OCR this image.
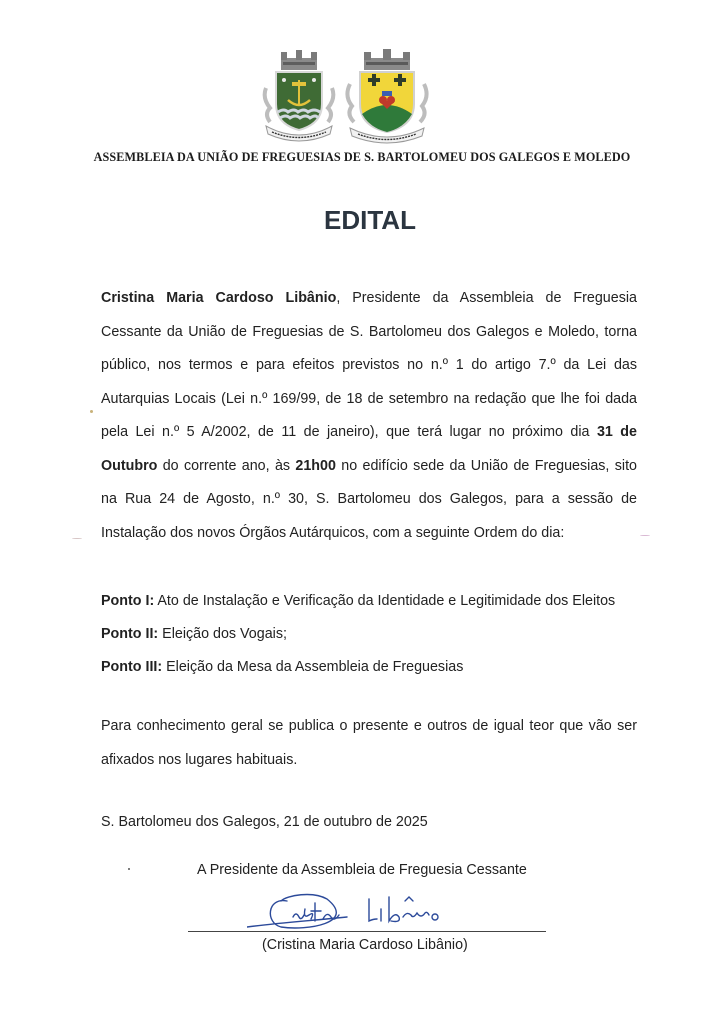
ASSEMBLEIA DA UNIÃO DE FREGUESIAS DE S. BARTOLOMEU DOS GALEGOS E MOLEDO
EDITAL
Cristina Maria Cardoso Libânio, Presidente da Assembleia de Freguesia
Cessante da União de Freguesias de S. Bartolomeu dos Galegos e Moledo, torna
público, nos termos e para efeitos previstos no n.º 1 do artigo 7.º da Lei das
Autarquias Locais (Lei n.º 169/99, de 18 de setembro na redação que lhe foi dada
pela Lei n.º 5 A/2002, de 11 de janeiro), que terá lugar no próximo dia 31 de
Outubro do corrente ano, às 21h00 no edifício sede da União de Freguesias, sito
na Rua 24 de Agosto, n.º 30, S. Bartolomeu dos Galegos, para a sessão de
Instalação dos novos Órgãos Autárquicos, com a seguinte Ordem do dia:
Ponto I: Ato de Instalação e Verificação da Identidade e Legitimidade dos Eleitos
Ponto II: Eleição dos Vogais;
Ponto III: Eleição da Mesa da Assembleia de Freguesias
Para conhecimento geral se publica o presente e outros de igual teor que vão ser
afixados nos lugares habituais.
S. Bartolomeu dos Galegos, 21 de outubro de 2025
A Presidente da Assembleia de Freguesia Cessante
(Cristina Maria Cardoso Libânio)
